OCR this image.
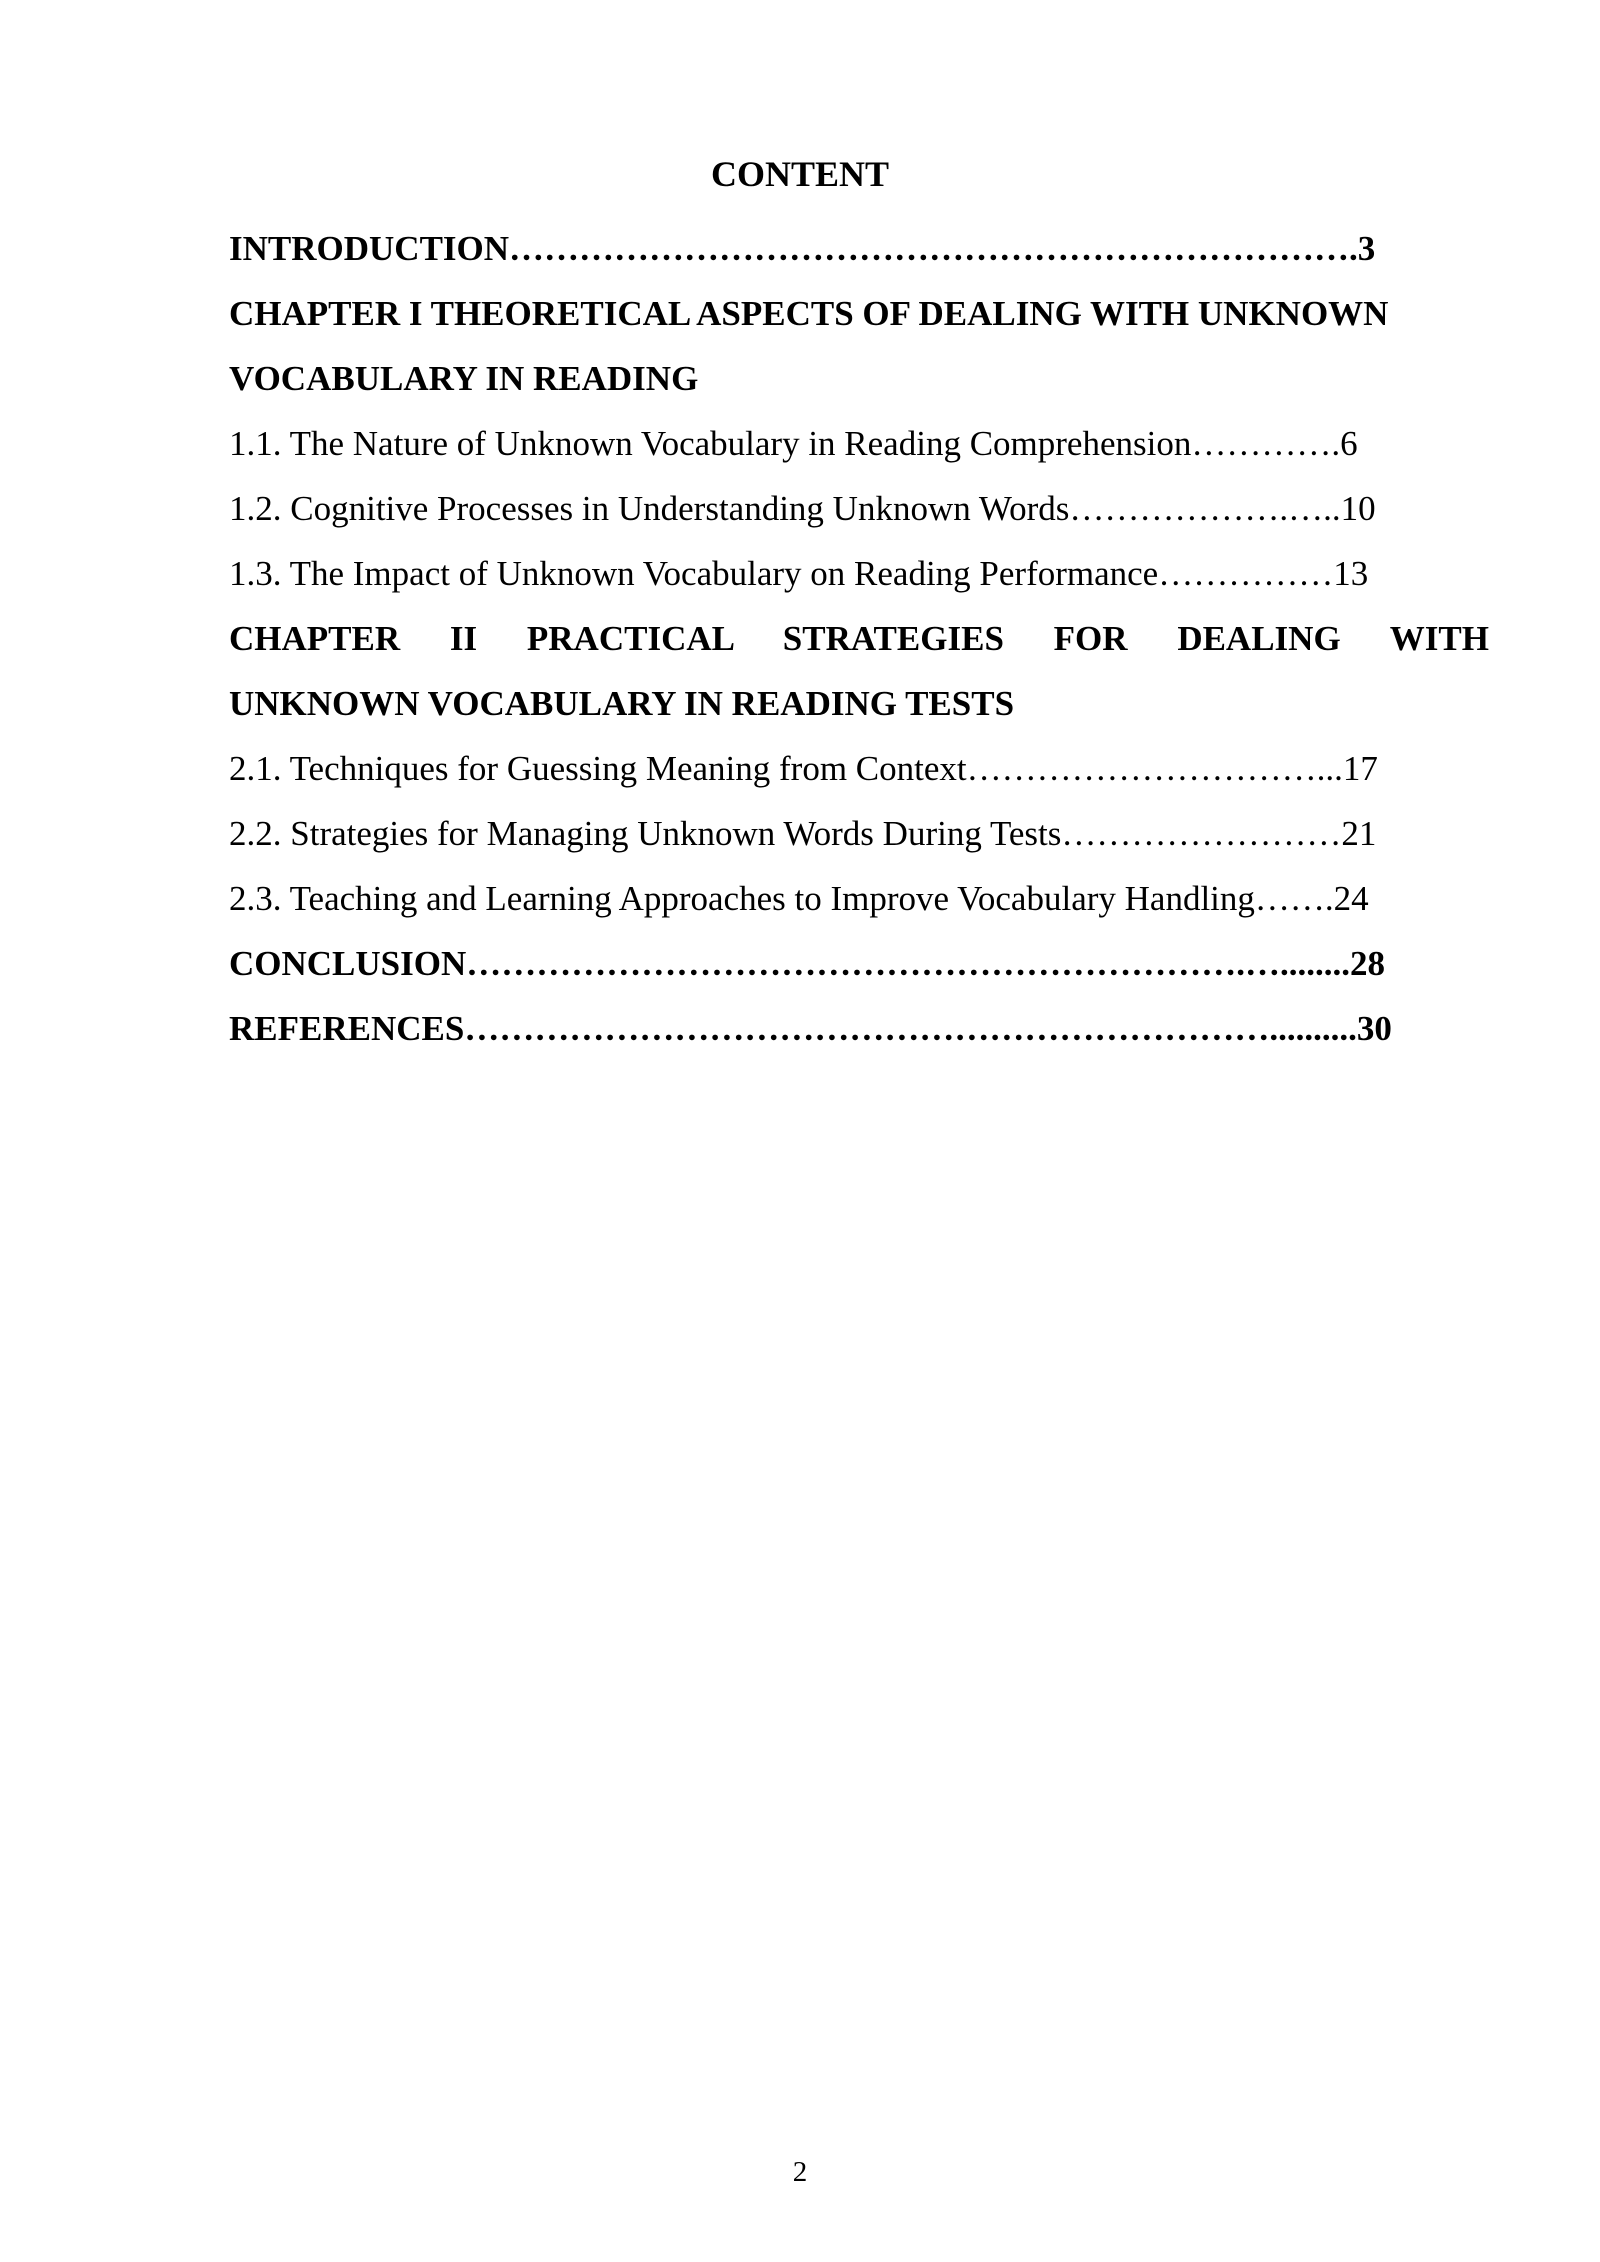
CONTENT
INTRODUCTION……………………………………………………………….3
CHAPTER I THEORETICAL ASPECTS OF DEALING WITH UNKNOWN
VOCABULARY IN READING
1.1. The Nature of Unknown Vocabulary in Reading Comprehension………….6
1.2. Cognitive Processes in Understanding Unknown Words……………….…..10
1.3. The Impact of Unknown Vocabulary on Reading Performance……………13
CHAPTER II PRACTICAL STRATEGIES FOR DEALING WITH
UNKNOWN VOCABULARY IN READING TESTS
2.1. Techniques for Guessing Meaning from Context…………………………...17
2.2. Strategies for Managing Unknown Words During Tests……………………21
2.3. Teaching and Learning Approaches to Improve Vocabulary Handling…….24
CONCLUSION………………………………………………………….…........28
REFERENCES……………………………………………………………..........30
2
